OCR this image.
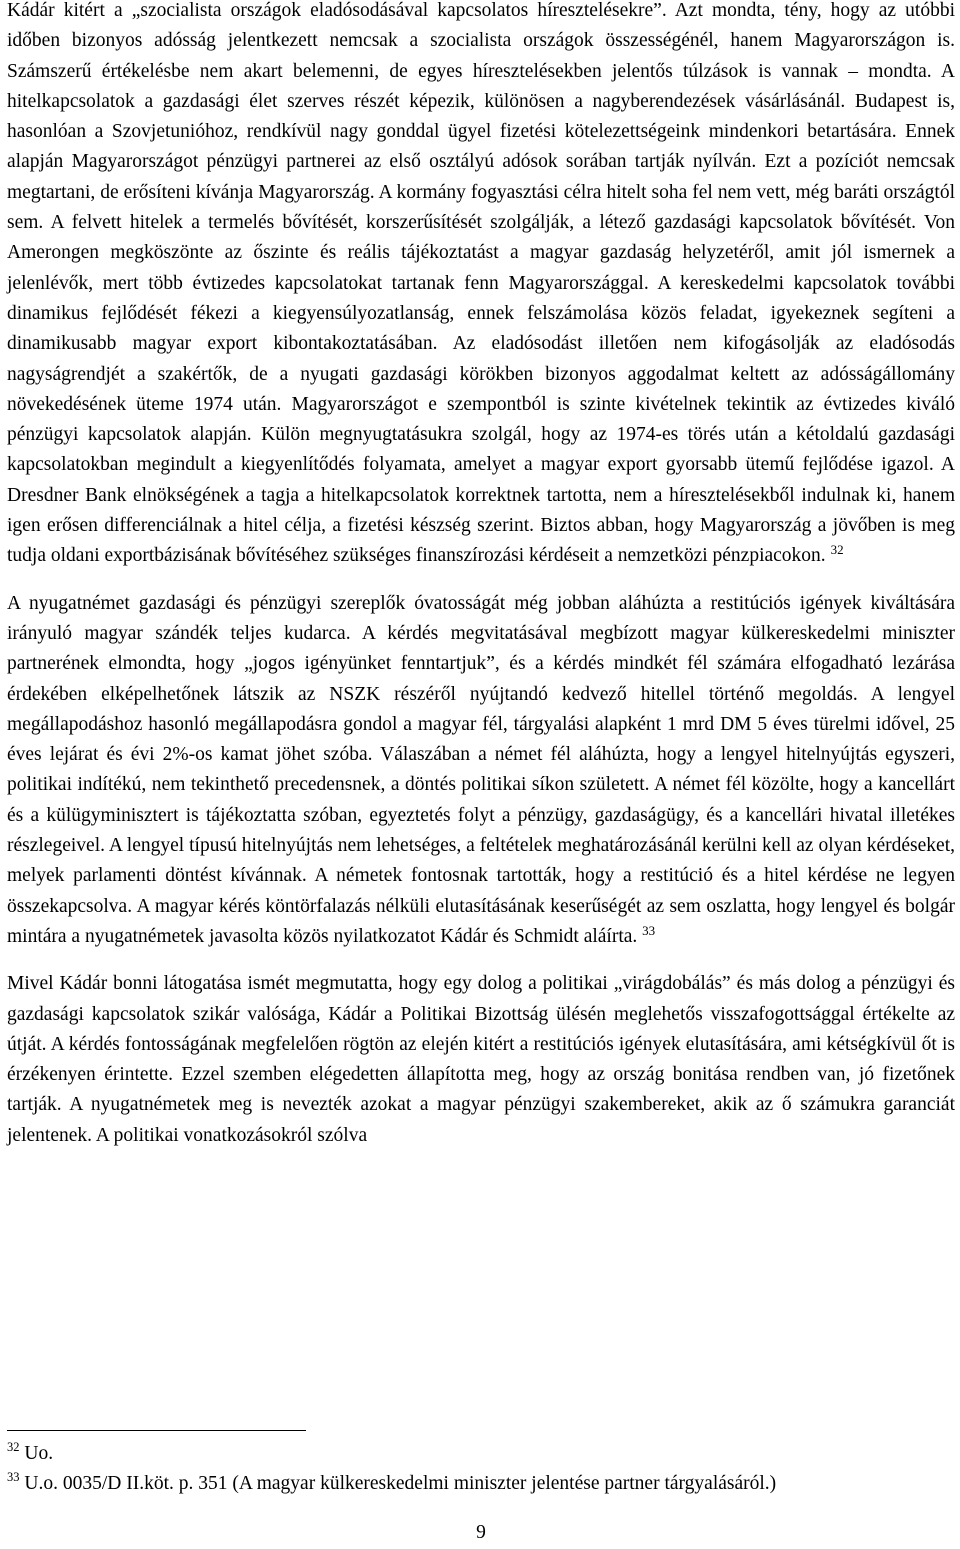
Kádár kitért a „szocialista országok eladósodásával kapcsolatos híresztelésekre”. Azt mondta, tény, hogy az utóbbi időben bizonyos adósság jelentkezett nemcsak a szocialista országok összességénél, hanem Magyarországon is. Számszerű értékelésbe nem akart belemenni, de egyes híresztelésekben jelentős túlzások is vannak – mondta. A hitelkapcsolatok a gazdasági élet szerves részét képezik, különösen a nagyberendezések vásárlásánál. Budapest is, hasonlóan a Szovjetunióhoz, rendkívül nagy gonddal ügyel fizetési kötelezettségeink mindenkori betartására. Ennek alapján Magyarországot pénzügyi partnerei az első osztályú adósok sorában tartják nyílván. Ezt a pozíciót nemcsak megtartani, de erősíteni kívánja Magyarország. A kormány fogyasztási célra hitelt soha fel nem vett, még baráti országtól sem. A felvett hitelek a termelés bővítését, korszerűsítését szolgálják, a létező gazdasági kapcsolatok bővítését. Von Amerongen megköszönte az őszinte és reális tájékoztatást a magyar gazdaság helyzetéről, amit jól ismernek a jelenlévők, mert több évtizedes kapcsolatokat tartanak fenn Magyarországgal. A kereskedelmi kapcsolatok további dinamikus fejlődését fékezi a kiegyensúlyozatlanság, ennek felszámolása közös feladat, igyekeznek segíteni a dinamikusabb magyar export kibontakoztatásában. Az eladósodást illetően nem kifogásolják az eladósodás nagyságrendjét a szakértők, de a nyugati gazdasági körökben bizonyos aggodalmat keltett az adósságállomány növekedésének üteme 1974 után. Magyarországot e szempontból is szinte kivételnek tekintik az évtizedes kiváló pénzügyi kapcsolatok alapján. Külön megnyugtatásukra szolgál, hogy az 1974-es törés után a kétoldalú gazdasági kapcsolatokban megindult a kiegyenlítődés folyamata, amelyet a magyar export gyorsabb ütemű fejlődése igazol. A Dresdner Bank elnökségének a tagja a hitelkapcsolatok korrektnek tartotta, nem a híresztelésekből indulnak ki, hanem igen erősen differenciálnak a hitel célja, a fizetési készség szerint. Biztos abban, hogy Magyarország a jövőben is meg tudja oldani exportbázisának bővítéséhez szükséges finanszírozási kérdéseit a nemzetközi pénzpiacokon. $^{32}$

A nyugatnémet gazdasági és pénzügyi szereplők óvatosságát még jobban aláhúzta a restitúciós igények kiváltására irányuló magyar szándék teljes kudarca. A kérdés megvitatásával megbízott magyar külkereskedelmi miniszter partnerének elmondta, hogy „jogos igényünket fenntartjuk”, és a kérdés mindkét fél számára elfogadható lezárása érdekében elképelhetőnek látszik az NSZK részéről nyújtandó kedvező hitellel történő megoldás. A lengyel megállapodáshoz hasonló megállapodásra gondol a magyar fél, tárgyalási alapként 1 mrd DM 5 éves türelmi idővel, 25 éves lejárat és évi 2%-os kamat jöhet szóba. Válaszában a német fél aláhúzta, hogy a lengyel hitelnyújtás egyszeri, politikai indítékú, nem tekinthető precedensnek, a döntés politikai síkon született. A német fél közölte, hogy a kancellárt és a külügyminisztert is tájékoztatta szóban, egyeztetés folyt a pénzügy, gazdaságügy, és a kancellári hivatal illetékes részlegeivel. A lengyel típusú hitelnyújtás nem lehetséges, a feltételek meghatározásánál kerülni kell az olyan kérdéseket, melyek parlamenti döntést kívánnak. A németek fontosnak tartották, hogy a restitúció és a hitel kérdése ne legyen összekapcsolva. A magyar kérés köntörfalazás nélküli elutasításának keserűségét az sem oszlatta, hogy lengyel és bolgár mintára a nyugatnémetek javasolta közös nyilatkozatot Kádár és Schmidt aláírta. $^{33}$

Mivel Kádár bonni látogatása ismét megmutatta, hogy egy dolog a politikai „virágdobálás” és más dolog a pénzügyi és gazdasági kapcsolatok szikár valósága, Kádár a Politikai Bizottság ülésén meglehetős visszafogottsággal értékelte az útját. A kérdés fontosságának megfelelően rögtön az elején kitért a restitúciós igények elutasítására, ami kétségkívül őt is érzékenyen érintette. Ezzel szemben elégedetten állapította meg, hogy az ország bonitása rendben van, jó fizetőnek tartják. A nyugatnémetek meg is nevezték azokat a magyar pénzügyi szakembereket, akik az ő számukra garanciát jelentenek. A politikai vonatkozásokról szólva

$^{32}$ Uo.

$^{33}$ U.o. 0035/D II.köt. p. 351 (A magyar külkereskedelmi miniszter jelentése partner tárgyalásáról.)

9
